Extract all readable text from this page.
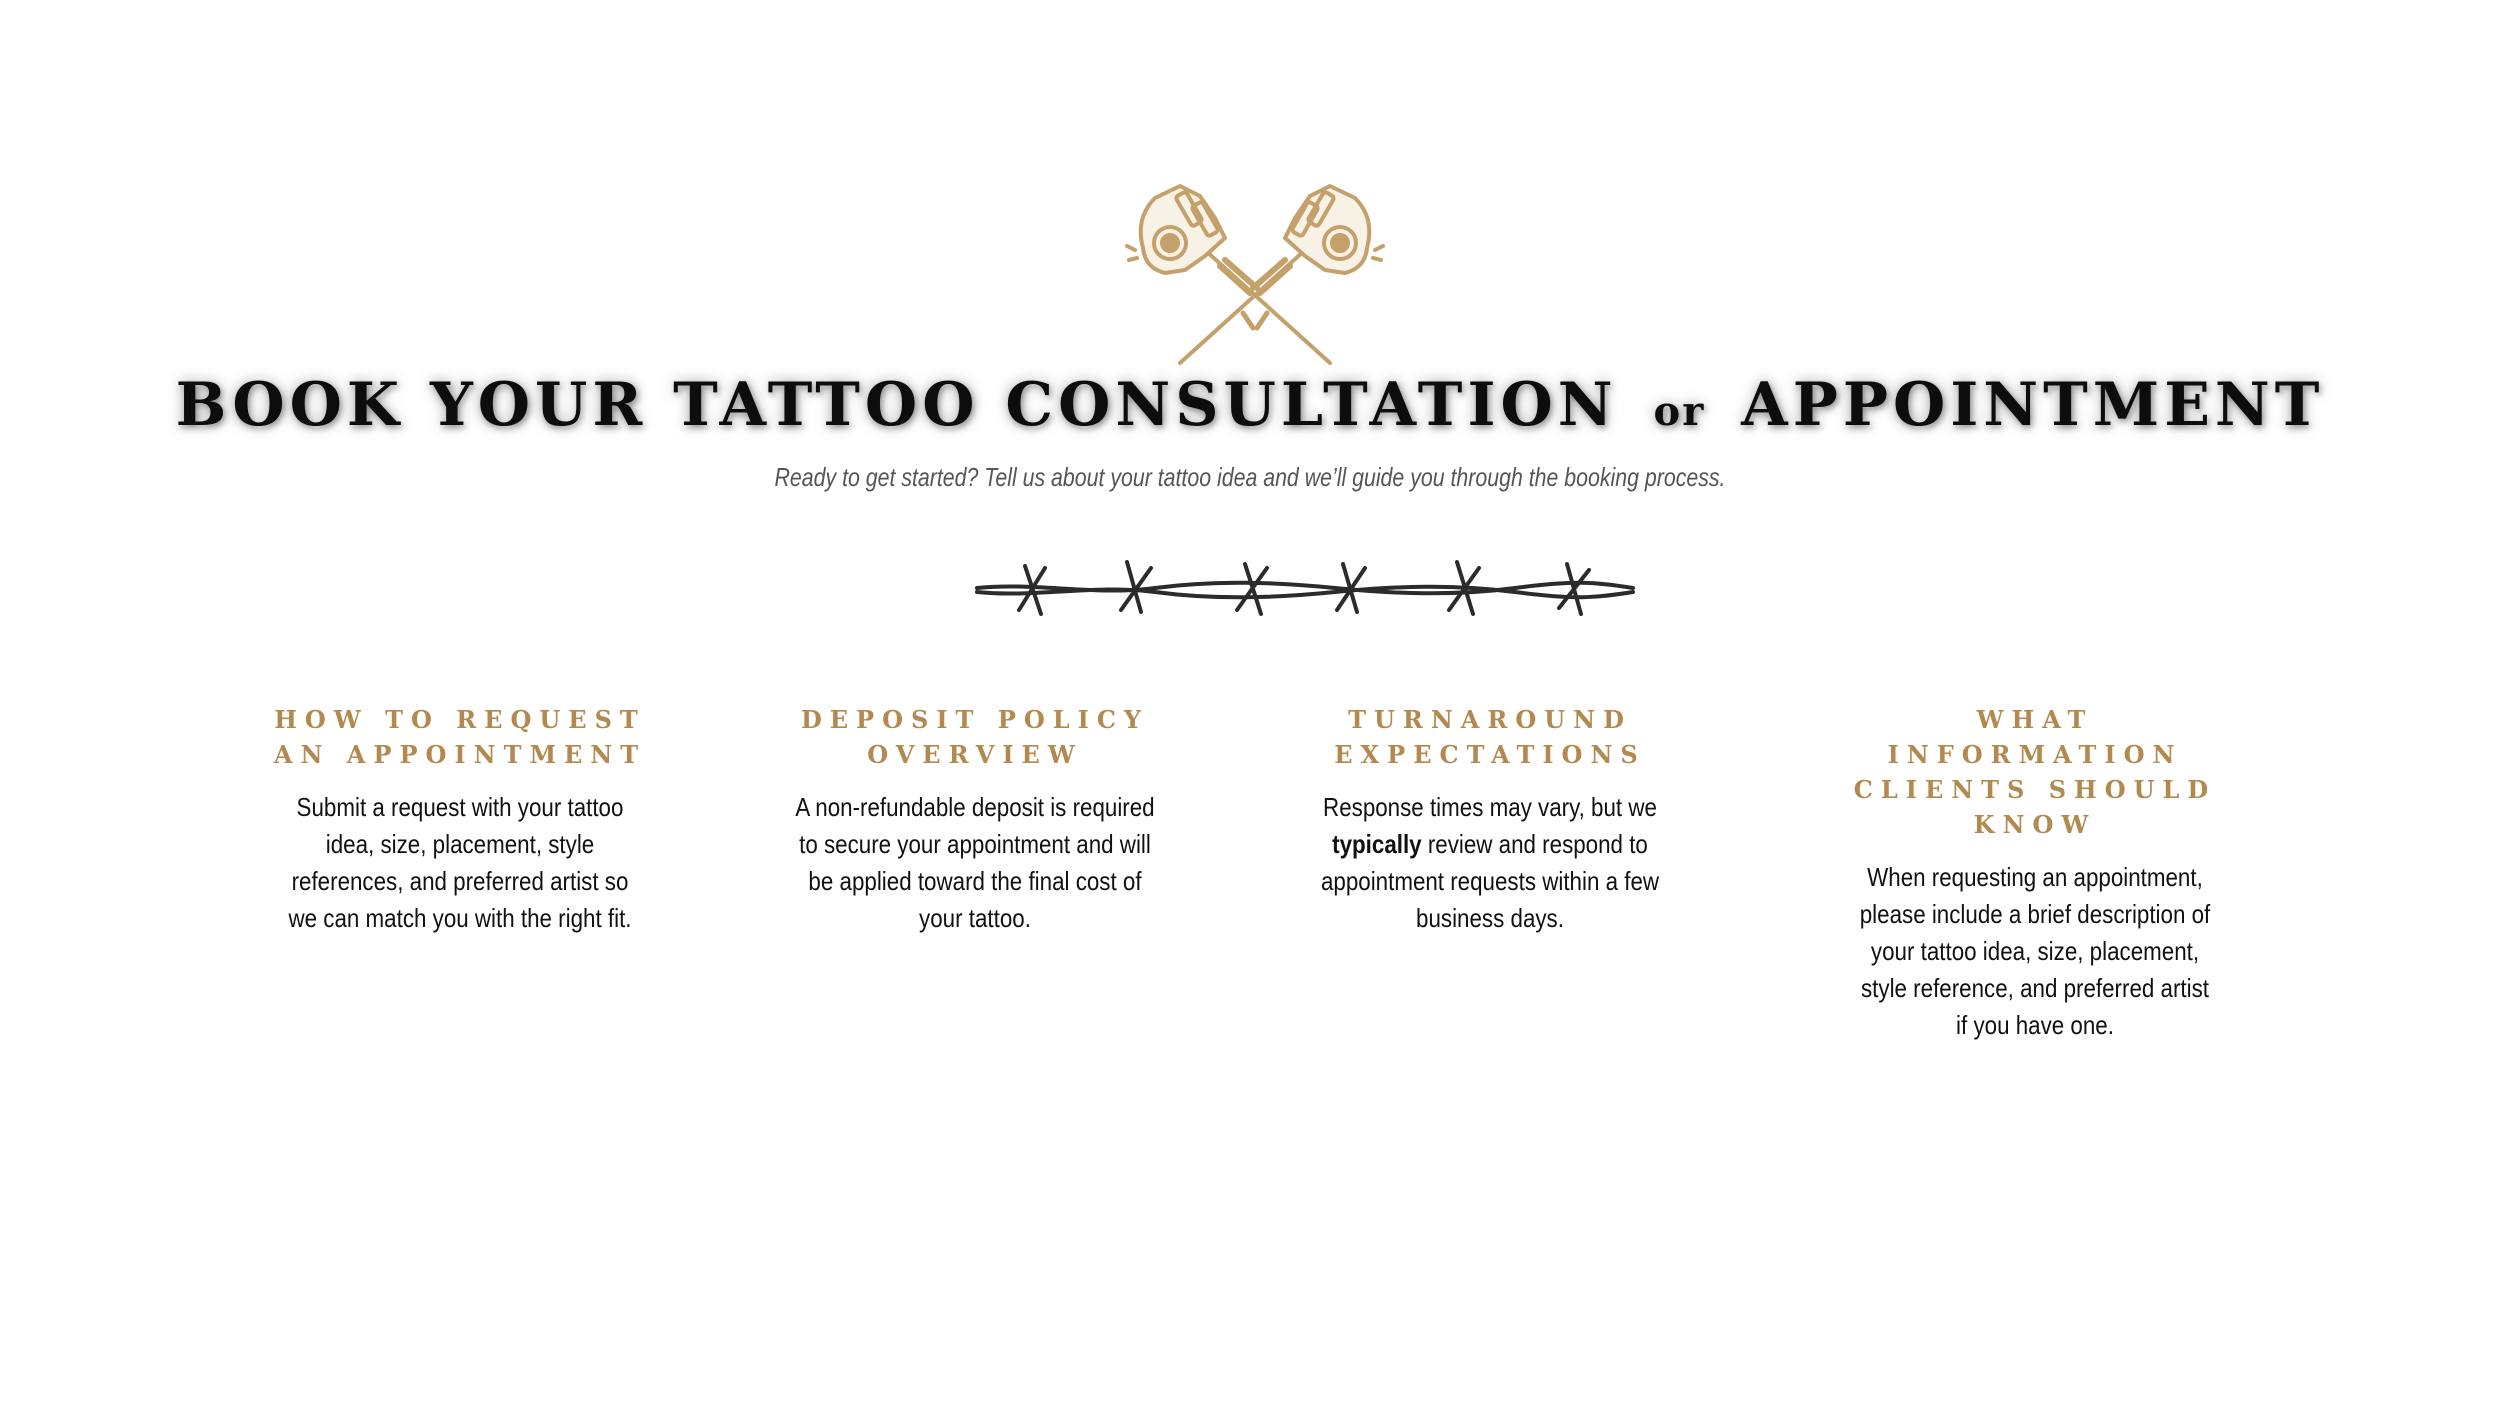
BOOK YOUR TATTOO CONSULTATION or APPOINTMENT
Ready to get started? Tell us about your tattoo idea and we’ll guide you through the booking process.
HOW TO REQUEST
AN APPOINTMENT
Submit a request with your tattoo idea, size, placement, style references, and preferred artist so we can match you with the right fit.
DEPOSIT POLICY
OVERVIEW
A non-refundable deposit is required to secure your appointment and will be applied toward the final cost of your tattoo.
TURNAROUND
EXPECTATIONS
Response times may vary, but we typically review and respond to appointment requests within a few business days.
WHAT INFORMATION
CLIENTS SHOULD KNOW
When requesting an appointment, please include a brief description of your tattoo idea, size, placement, style reference, and preferred artist if you have one.
